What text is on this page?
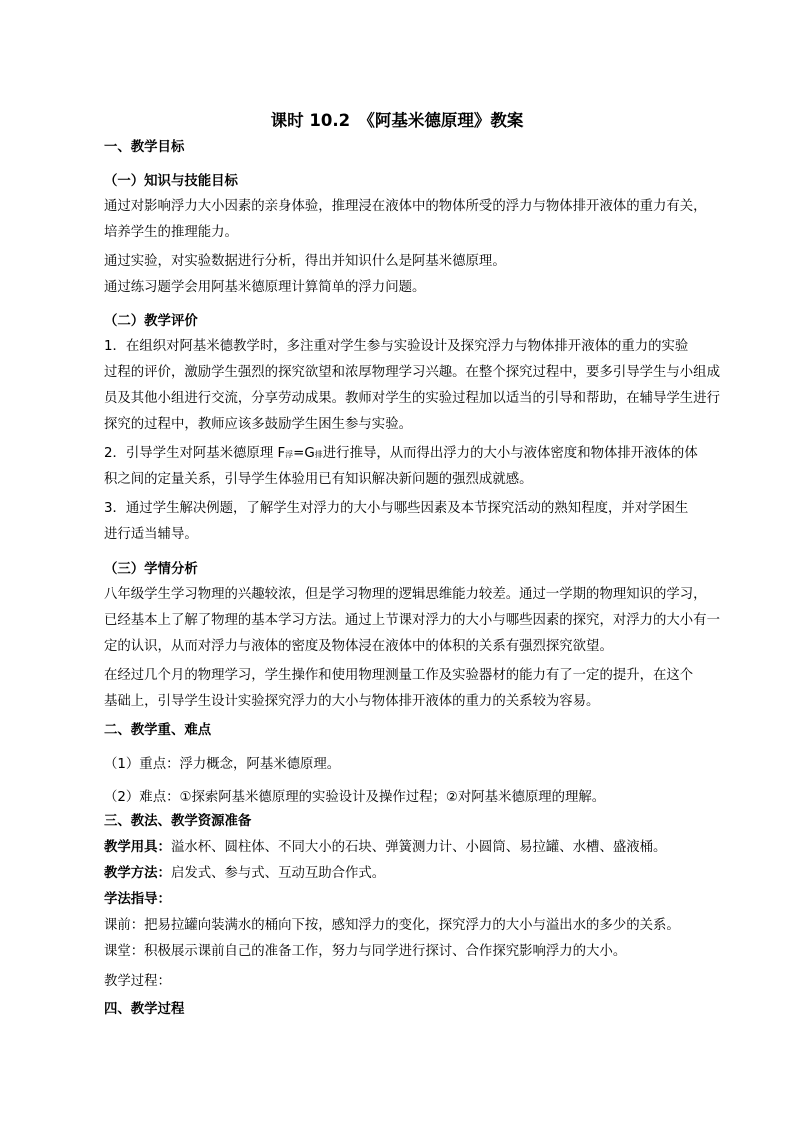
课时 10.2　《阿基米德原理》教案
一、教学目标
（一）知识与技能目标
通过对影响浮力大小因素的亲身体验，推理浸在液体中的物体所受的浮力与物体排开液体的重力有关，
培养学生的推理能力。
通过实验，对实验数据进行分析，得出并知识什么是阿基米德原理。
通过练习题学会用阿基米德原理计算简单的浮力问题。
（二）教学评价
1．在组织对阿基米德教学时，多注重对学生参与实验设计及探究浮力与物体排开液体的重力的实验
过程的评价，激励学生强烈的探究欲望和浓厚物理学习兴趣。在整个探究过程中，要多引导学生与小组成
员及其他小组进行交流，分享劳动成果。教师对学生的实验过程加以适当的引导和帮助，在辅导学生进行
探究的过程中，教师应该多鼓励学生困生参与实验。
2．引导学生对阿基米德原理 F浮=G排进行推导，从而得出浮力的大小与液体密度和物体排开液体的体
积之间的定量关系，引导学生体验用已有知识解决新问题的强烈成就感。
3．通过学生解决例题，了解学生对浮力的大小与哪些因素及本节探究活动的熟知程度，并对学困生
进行适当辅导。
（三）学情分析
八年级学生学习物理的兴趣较浓，但是学习物理的逻辑思维能力较差。通过一学期的物理知识的学习，
已经基本上了解了物理的基本学习方法。通过上节课对浮力的大小与哪些因素的探究，对浮力的大小有一
定的认识，从而对浮力与液体的密度及物体浸在液体中的体积的关系有强烈探究欲望。
在经过几个月的物理学习，学生操作和使用物理测量工作及实验器材的能力有了一定的提升，在这个
基础上，引导学生设计实验探究浮力的大小与物体排开液体的重力的关系较为容易。
二、教学重、难点
（1）重点：浮力概念，阿基米德原理。
（2）难点：①探索阿基米德原理的实验设计及操作过程；②对阿基米德原理的理解。
三、教法、教学资源准备
教学用具：溢水杯、圆柱体、不同大小的石块、弹簧测力计、小圆筒、易拉罐、水槽、盛液桶。
教学方法：启发式、参与式、互动互助合作式。
学法指导：
课前：把易拉罐向装满水的桶向下按，感知浮力的变化，探究浮力的大小与溢出水的多少的关系。
课堂：积极展示课前自己的准备工作，努力与同学进行探讨、合作探究影响浮力的大小。
教学过程：
四、教学过程
